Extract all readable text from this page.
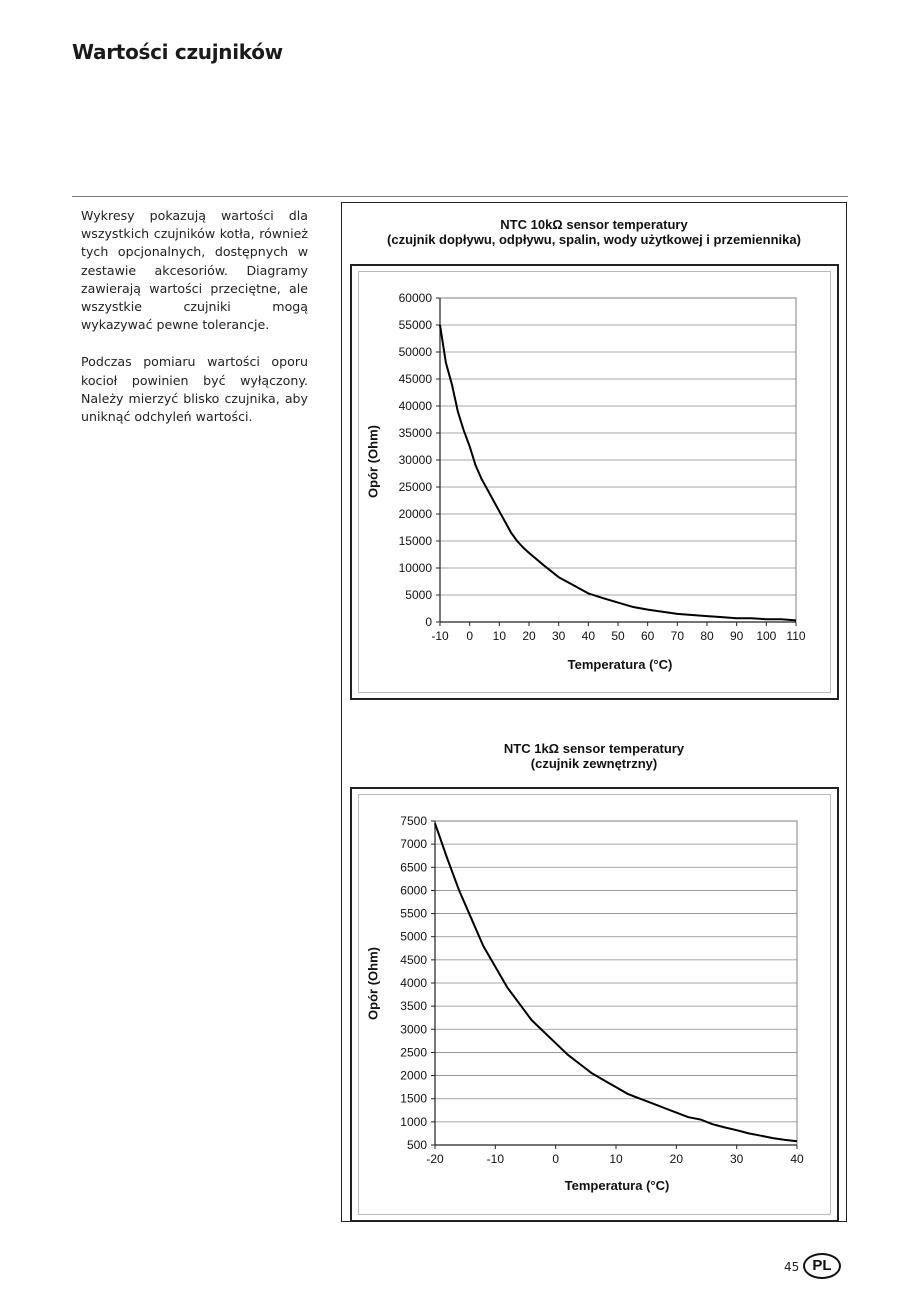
Wartości czujników

Wykresy pokazują wartości dla wszystkich czujników kotła, również tych opcjonalnych, dostępnych w zestawie akcesoriów. Diagramy zawierają wartości przeciętne, ale wszystkie czujniki mogą wykazywać pewne tolerancje.

Podczas pomiaru wartości oporu kocioł powinien być wyłączony. Należy mierzyć blisko czujnika, aby uniknąć odchyleń wartości.

NTC 10kΩ sensor temperatury
(czujnik dopływu, odpływu, spalin, wody użytkowej i przemiennika)
Opór (Ohm)
Temperatura (°C)
0
5000
10000
15000
20000
25000
30000
35000
40000
45000
50000
55000
60000
-10 0 10 20 30 40 50 60 70 80 90 100 110
NTC 1kΩ sensor temperatury
(czujnik zewnętrzny)
Opór (Ohm)
Temperatura (°C)
500
1000
1500
2000
2500
3000
3500
4000
4500
5000
5500
6000
6500
7000
7500
-20	-10	0	10	20	30	40
45 PL
